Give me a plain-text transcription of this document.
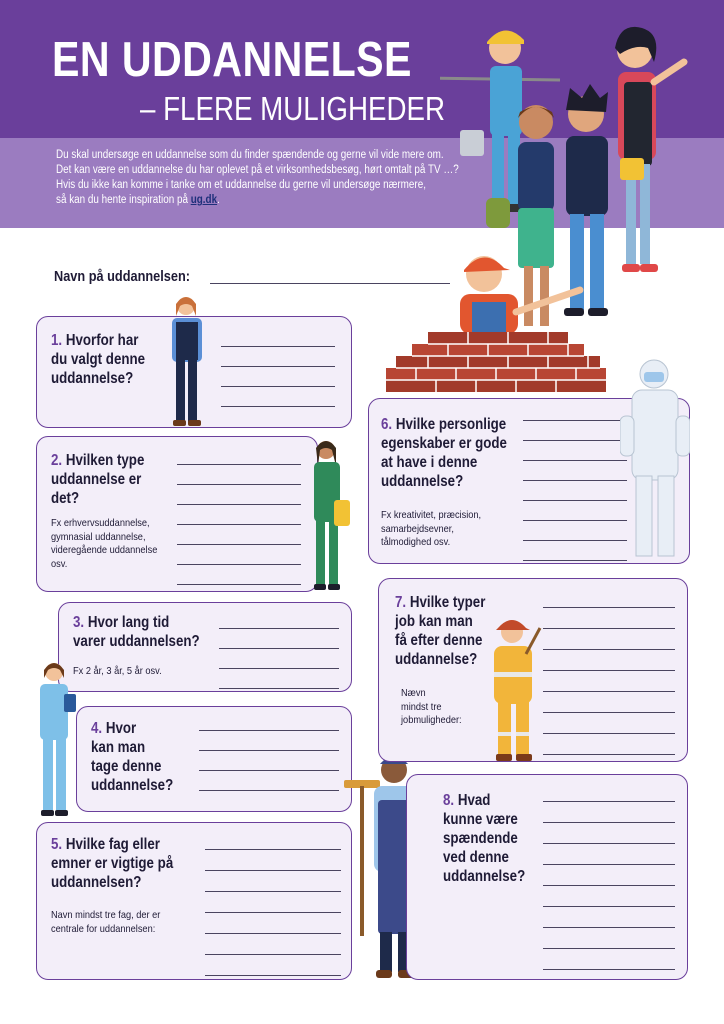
EN UDDANNELSE
– FLERE MULIGHEDER
Du skal undersøge en uddannelse som du finder spændende og gerne vil vide mere om.
Det kan være en uddannelse du har oplevet på et virksomhedsbesøg, hørt omtalt på TV …?
Hvis du ikke kan komme i tanke om et uddannelse du gerne vil undersøge nærmere,
så kan du hente inspiration på ug.dk.
Navn på uddannelsen:
1. Hvorfor har
du valgt denne
uddannelse?
2. Hvilken type
uddannelse er
det?
Fx erhvervsuddannelse,
gymnasial uddannelse,
videregående uddannelse
osv.
3. Hvor lang tid
varer uddannelsen?
Fx 2 år, 3 år, 5 år osv.
4. Hvor
kan man
tage denne
uddannelse?
5. Hvilke fag eller
emner er vigtige på
uddannelsen?
Navn mindst tre fag, der er
centrale for uddannelsen:
6. Hvilke personlige
egenskaber er gode
at have i denne
uddannelse?
Fx kreativitet, præcision,
samarbejdsevner,
tålmodighed osv.
7. Hvilke typer
job kan man
få efter denne
uddannelse?
Nævn
mindst tre
jobmuligheder:
8. Hvad
kunne være
spændende
ved denne
uddannelse?
